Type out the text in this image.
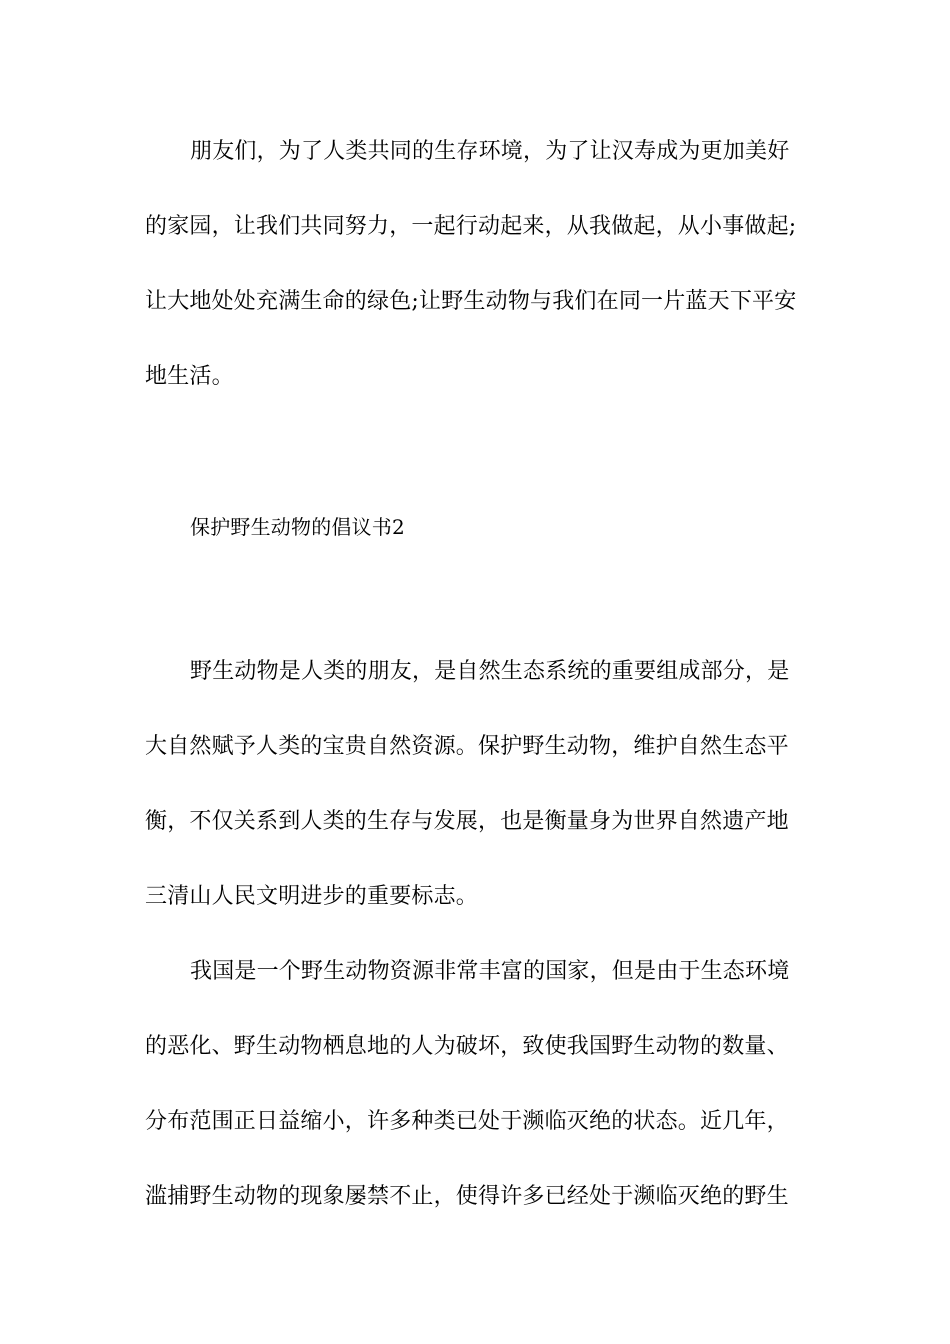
朋友们，为了人类共同的生存环境，为了让汉寿成为更加美好
的家园，让我们共同努力，一起行动起来，从我做起，从小事做起;
让大地处处充满生命的绿色;让野生动物与我们在同一片蓝天下平安
地生活。
保护野生动物的倡议书2
野生动物是人类的朋友，是自然生态系统的重要组成部分，是
大自然赋予人类的宝贵自然资源。保护野生动物，维护自然生态平
衡，不仅关系到人类的生存与发展，也是衡量身为世界自然遗产地
三清山人民文明进步的重要标志。
我国是一个野生动物资源非常丰富的国家，但是由于生态环境
的恶化、野生动物栖息地的人为破坏，致使我国野生动物的数量、
分布范围正日益缩小，许多种类已处于濒临灭绝的状态。近几年，
滥捕野生动物的现象屡禁不止，使得许多已经处于濒临灭绝的野生
